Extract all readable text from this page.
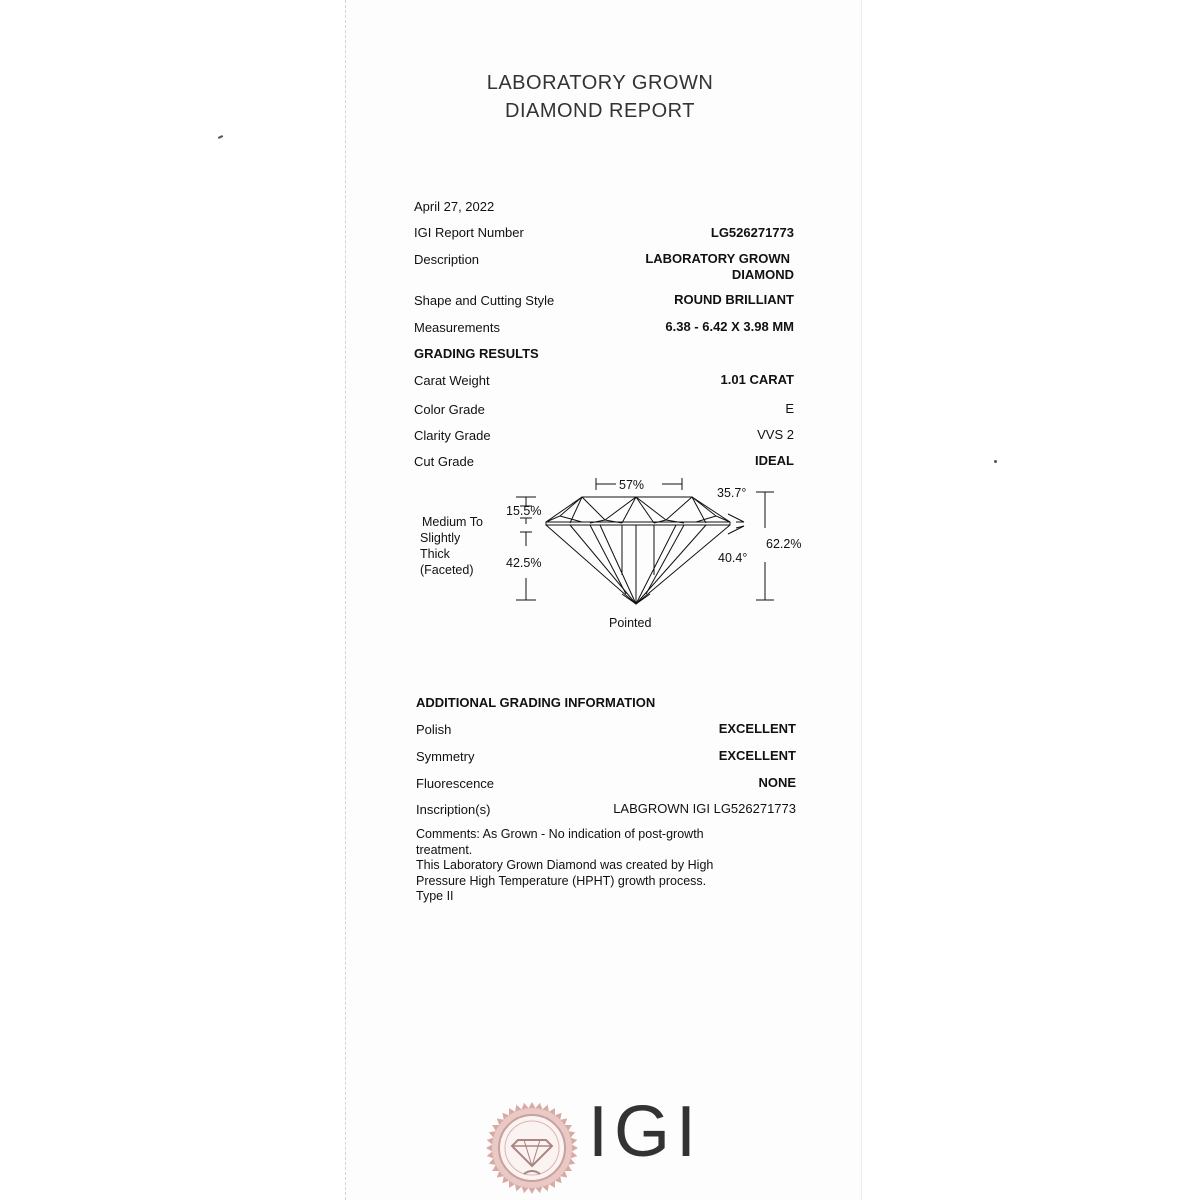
LABORATORY GROWN
DIAMOND REPORT
April 27, 2022
IGI Report Number	LG526271773
Description	LABORATORY GROWN
DIAMOND
Shape and Cutting Style	ROUND BRILLIANT
Measurements	6.38 - 6.42 X 3.98 MM
GRADING RESULTS
Carat Weight	1.01 CARAT
Color Grade	E
Clarity Grade	VVS 2
Cut Grade	IDEAL
57%
35.7°
15.5%
42.5%	40.4°
62.2%
Medium To
Slightly
Thick
(Faceted)
Pointed
ADDITIONAL GRADING INFORMATION
Polish	EXCELLENT
Symmetry	EXCELLENT
Fluorescence	NONE
Inscription(s)	LABGROWN IGI LG526271773
Comments: As Grown - No indication of post-growth
treatment.
This Laboratory Grown Diamond was created by High
Pressure High Temperature (HPHT) growth process.
Type II
IGI
